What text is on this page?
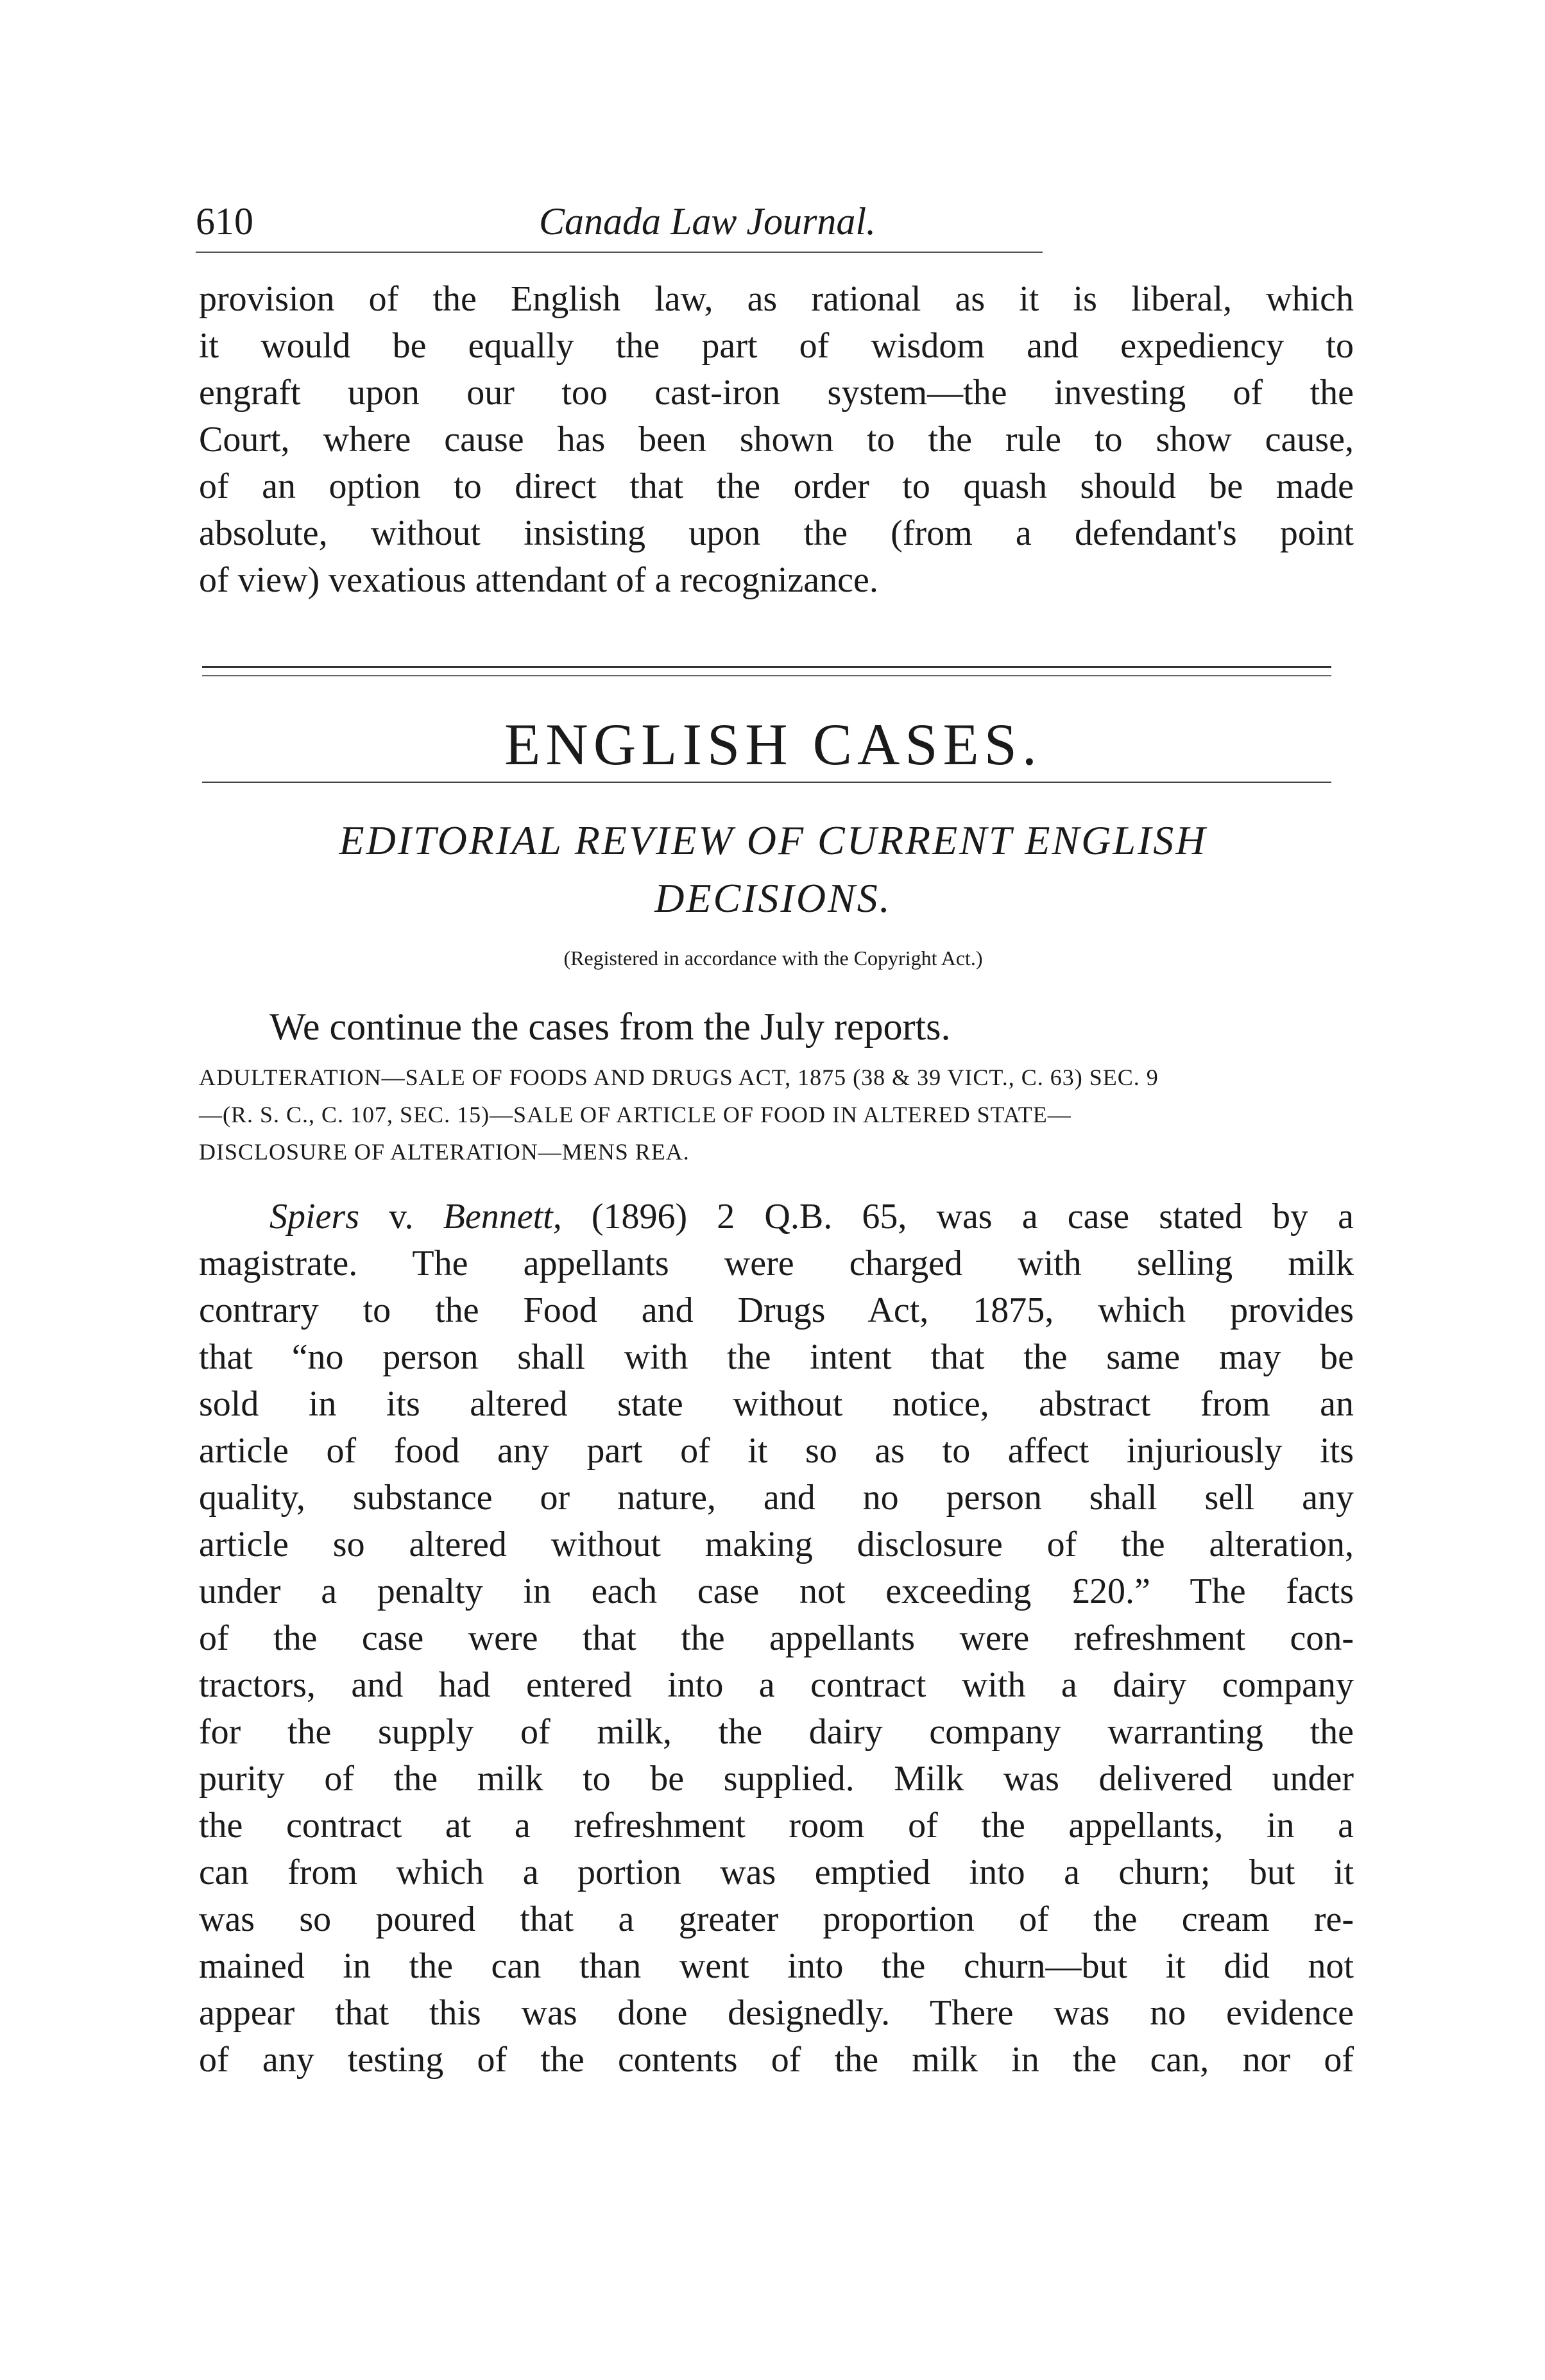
610	Canada Law Journal.
provision of the English law, as rational as it is liberal, which
it would be equally the part of wisdom and expediency to
engraft upon our too cast-iron system—the investing of the
Court, where cause has been shown to the rule to show cause,
of an option to direct that the order to quash should be made
absolute, without insisting upon the (from a defendant's point
of view) vexatious attendant of a recognizance.
ENGLISH CASES.
EDITORIAL REVIEW OF CURRENT ENGLISH
DECISIONS.
(Registered in accordance with the Copyright Act.)
We continue the cases from the July reports.
ADULTERATION—SALE OF FOODS AND DRUGS ACT, 1875 (38 & 39 VICT., C. 63) SEC. 9
—(R. S. C., C. 107, SEC. 15)—SALE OF ARTICLE OF FOOD IN ALTERED STATE—
DISCLOSURE OF ALTERATION—MENS REA.
Spiers v. Bennett, (1896) 2 Q.B. 65, was a case stated by a
magistrate. The appellants were charged with selling milk
contrary to the Food and Drugs Act, 1875, which provides
that “no person shall with the intent that the same may be
sold in its altered state without notice, abstract from an
article of food any part of it so as to affect injuriously its
quality, substance or nature, and no person shall sell any
article so altered without making disclosure of the alteration,
under a penalty in each case not exceeding £20.” The facts
of the case were that the appellants were refreshment con-
tractors, and had entered into a contract with a dairy company
for the supply of milk, the dairy company warranting the
purity of the milk to be supplied. Milk was delivered under
the contract at a refreshment room of the appellants, in a
can from which a portion was emptied into a churn; but it
was so poured that a greater proportion of the cream re-
mained in the can than went into the churn—but it did not
appear that this was done designedly. There was no evidence
of any testing of the contents of the milk in the can, nor of
